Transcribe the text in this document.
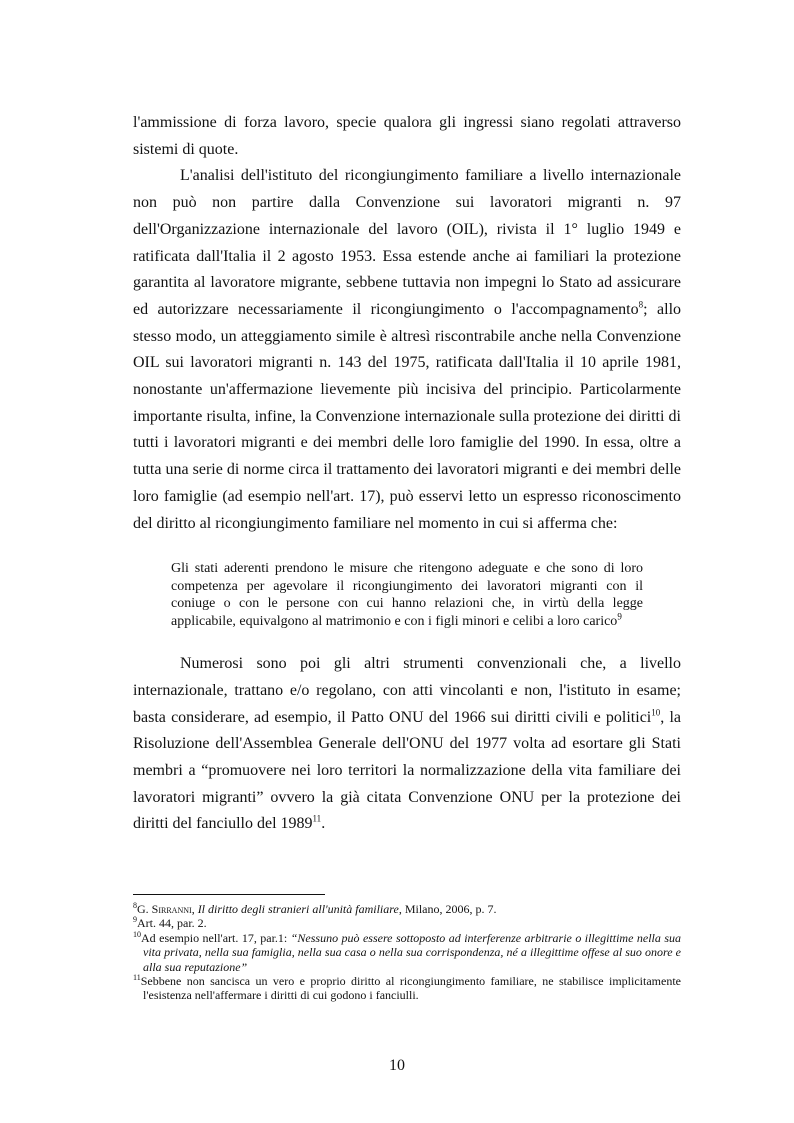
l'ammissione di forza lavoro, specie qualora gli ingressi siano regolati attraverso sistemi di quote.

L'analisi dell'istituto del ricongiungimento familiare a livello internazionale non può non partire dalla Convenzione sui lavoratori migranti n. 97 dell'Organizzazione internazionale del lavoro (OIL), rivista il 1° luglio 1949 e ratificata dall'Italia il 2 agosto 1953. Essa estende anche ai familiari la protezione garantita al lavoratore migrante, sebbene tuttavia non impegni lo Stato ad assicurare ed autorizzare necessariamente il ricongiungimento o l'accompagnamento$^8$; allo stesso modo, un atteggiamento simile è altresì riscontrabile anche nella Convenzione OIL sui lavoratori migranti n. 143 del 1975, ratificata dall'Italia il 10 aprile 1981, nonostante un'affermazione lievemente più incisiva del principio. Particolarmente importante risulta, infine, la Convenzione internazionale sulla protezione dei diritti di tutti i lavoratori migranti e dei membri delle loro famiglie del 1990. In essa, oltre a tutta una serie di norme circa il trattamento dei lavoratori migranti e dei membri delle loro famiglie (ad esempio nell'art. 17), può esservi letto un espresso riconoscimento del diritto al ricongiungimento familiare nel momento in cui si afferma che:

Gli stati aderenti prendono le misure che ritengono adeguate e che sono di loro competenza per agevolare il ricongiungimento dei lavoratori migranti con il coniuge o con le persone con cui hanno relazioni che, in virtù della legge applicabile, equivalgono al matrimonio e con i figli minori e celibi a loro carico$^9$

Numerosi sono poi gli altri strumenti convenzionali che, a livello internazionale, trattano e/o regolano, con atti vincolanti e non, l'istituto in esame; basta considerare, ad esempio, il Patto ONU del 1966 sui diritti civili e politici$^{10}$, la Risoluzione dell'Assemblea Generale dell'ONU del 1977 volta ad esortare gli Stati membri a “promuovere nei loro territori la normalizzazione della vita familiare dei lavoratori migranti” ovvero la già citata Convenzione ONU per la protezione dei diritti del fanciullo del 1989$^{11}$.

$^8$G. Sirranni, Il diritto degli stranieri all'unità familiare, Milano, 2006, p. 7.

$^9$Art. 44, par. 2.

$^{10}$Ad esempio nell'art. 17, par.1: “Nessuno può essere sottoposto ad interferenze arbitrarie o illegittime nella sua vita privata, nella sua famiglia, nella sua casa o nella sua corrispondenza, né a illegittime offese al suo onore e alla sua reputazione”

$^{11}$Sebbene non sancisca un vero e proprio diritto al ricongiungimento familiare, ne stabilisce implicitamente l'esistenza nell'affermare i diritti di cui godono i fanciulli.

10
